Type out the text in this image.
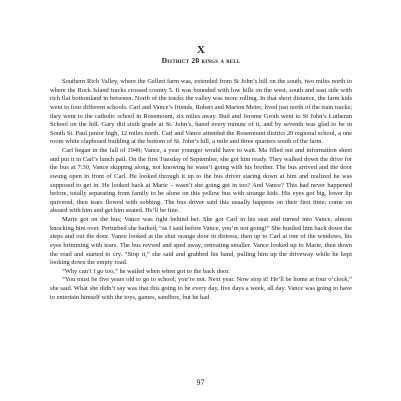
X
District 20 rings a bell

Southern Rich Valley, where the Gellert farm was, extended from St John’s hill on the south, two miles north to where the Rock Island tracks crossed county 5. It was bounded with low hills on the west, south and east side with rich flat bottomland in between. North of the tracks the valley was more rolling. In that short distance, the farm kids went to four different schools. Carl and Vance’s friends, Robert and Marion Meier, lived just north of the train tracks; they went to the catholic school in Rosemount, six miles away. Bud and Jerome Groth went to St John’s Lutheran School on the hill. Gary did sixth grade at St. John’s, hated every minute of it, and by seventh was glad to be in South St. Paul junior high, 12 miles north. Carl and Vance attended the Rosemount district 20 regional school, a one room white clapboard building at the bottom of St. John’s hill, a mile and three quarters south of the farm.

Carl began in the fall of 1949; Vance, a year younger would have to wait. Ma filled out and information sheet and put it in Carl’s lunch pail. On the first Tuesday of September, she got him ready. They walked down the drive for the bus at 7:30, Vance skipping along, not knowing he wasn’t going with his brother. The bus arrived and the door swung open in front of Carl. He looked through it up to the bus driver staring down at him and realized he was supposed to get in. He looked back at Marie – wasn’t she going get in too? And Vance? This had never happened before, totally separating from family to be alone on this yellow bus with strange kids. His eyes got big, lower lip quivered, then tears flowed with sobbing. The bus driver said this usually happens on their first time; come on aboard with him and get him seated. He’ll be fine.

Marie got on the bus; Vance was right behind her. She got Carl in his seat and turned into Vance, almost knocking him over. Perturbed she barked, “as I said before Vance, you’re not going!” She hustled him back down the steps and out the door. Vance looked at the shut orange door in distress, then up to Carl at one of the windows, his eyes brimming with tears. The bus revved and sped away, retreating smaller. Vance looked up to Marie, then down the road and started to cry. “Stop it,” she said and grabbed his hand, pulling him up the driveway while he kept looking down the empty road.

“Why can’t I go too,” he wailed when when got to the back door.

“You must be five years old to go to school; you’re not. Next year. Now stop it! He’ll be home at four o’clock,” she said. What she didn’t say was that this going to be every day, five days a week, all day. Vance was going to have to entertain himself with the toys, games, sandbox, but he had

97
